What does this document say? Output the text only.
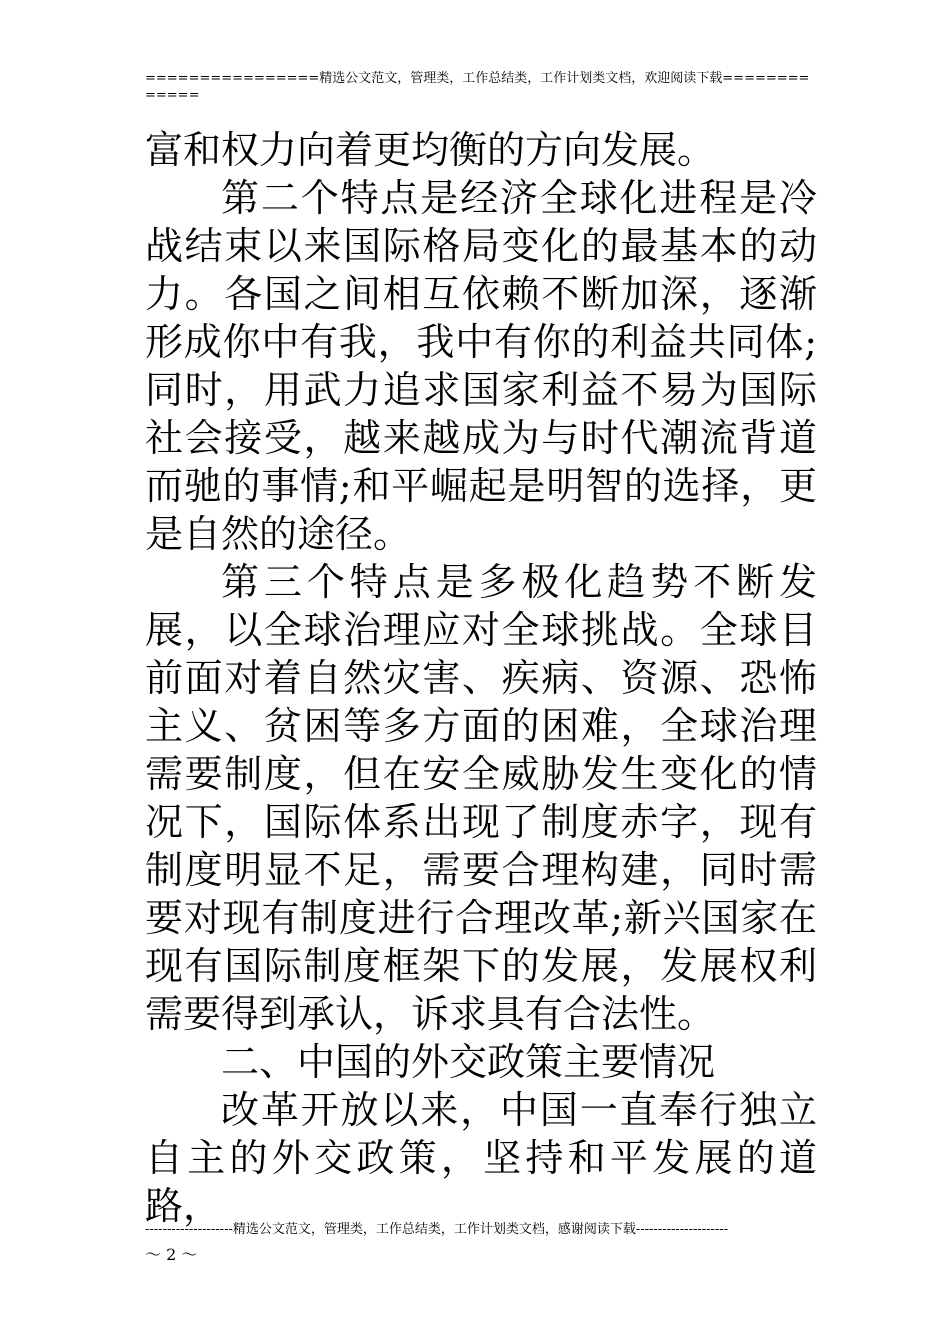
================精选公文范文，管理类，工作总结类，工作计划类文档，欢迎阅读下载=============

富和权力向着更均衡的方向发展。

第二个特点是经济全球化进程是冷战结束以来国际格局变化的最基本的动力。各国之间相互依赖不断加深，逐渐形成你中有我，我中有你的利益共同体;同时，用武力追求国家利益不易为国际社会接受，越来越成为与时代潮流背道而驰的事情;和平崛起是明智的选择，更是自然的途径。

第三个特点是多极化趋势不断发展，以全球治理应对全球挑战。全球目前面对着自然灾害、疾病、资源、恐怖主义、贫困等多方面的困难，全球治理需要制度，但在安全威胁发生变化的情况下，国际体系出现了制度赤字，现有制度明显不足，需要合理构建，同时需要对现有制度进行合理改革;新兴国家在现有国际制度框架下的发展，发展权利需要得到承认，诉求具有合法性。

二、中国的外交政策主要情况

改革开放以来，中国一直奉行独立自主的外交政策，坚持和平发展的道路，

--------------------精选公文范文，管理类，工作总结类，工作计划类文档，感谢阅读下载---------------------
～ 2 ～
